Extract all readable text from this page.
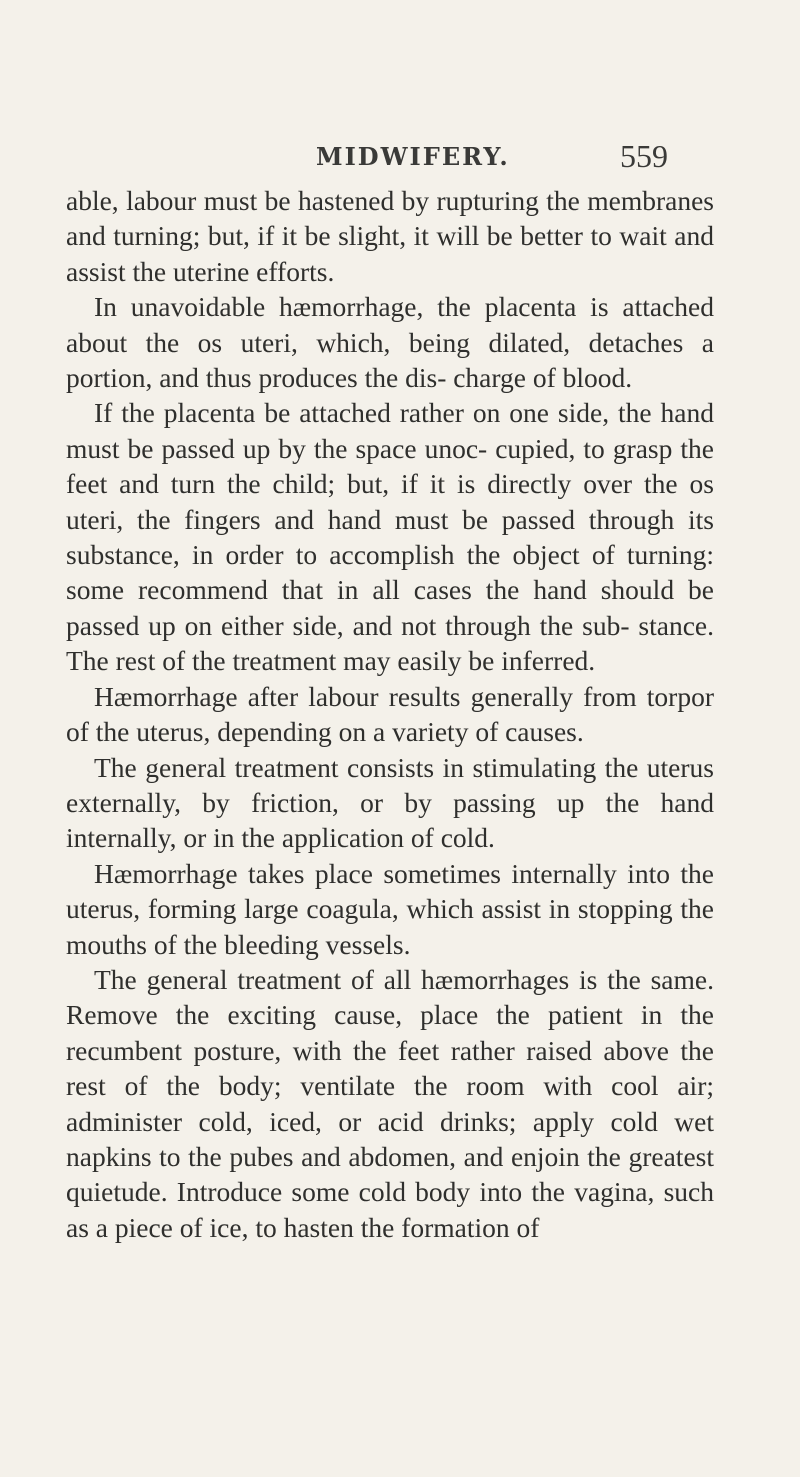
MIDWIFERY.	559

able, labour must be hastened by rupturing the membranes and turning; but, if it be slight, it will be better to wait and assist the uterine efforts.

In unavoidable hæmorrhage, the placenta is attached about the os uteri, which, being dilated, detaches a portion, and thus produces the dis- charge of blood.

If the placenta be attached rather on one side, the hand must be passed up by the space unoc- cupied, to grasp the feet and turn the child; but, if it is directly over the os uteri, the fingers and hand must be passed through its substance, in order to accomplish the object of turning: some recommend that in all cases the hand should be passed up on either side, and not through the sub- stance. The rest of the treatment may easily be inferred.

Hæmorrhage after labour results generally from torpor of the uterus, depending on a variety of causes.

The general treatment consists in stimulating the uterus externally, by friction, or by passing up the hand internally, or in the application of cold.

Hæmorrhage takes place sometimes internally into the uterus, forming large coagula, which assist in stopping the mouths of the bleeding vessels.

The general treatment of all hæmorrhages is the same. Remove the exciting cause, place the patient in the recumbent posture, with the feet rather raised above the rest of the body; ventilate the room with cool air; administer cold, iced, or acid drinks; apply cold wet napkins to the pubes and abdomen, and enjoin the greatest quietude. Introduce some cold body into the vagina, such as a piece of ice, to hasten the formation of
